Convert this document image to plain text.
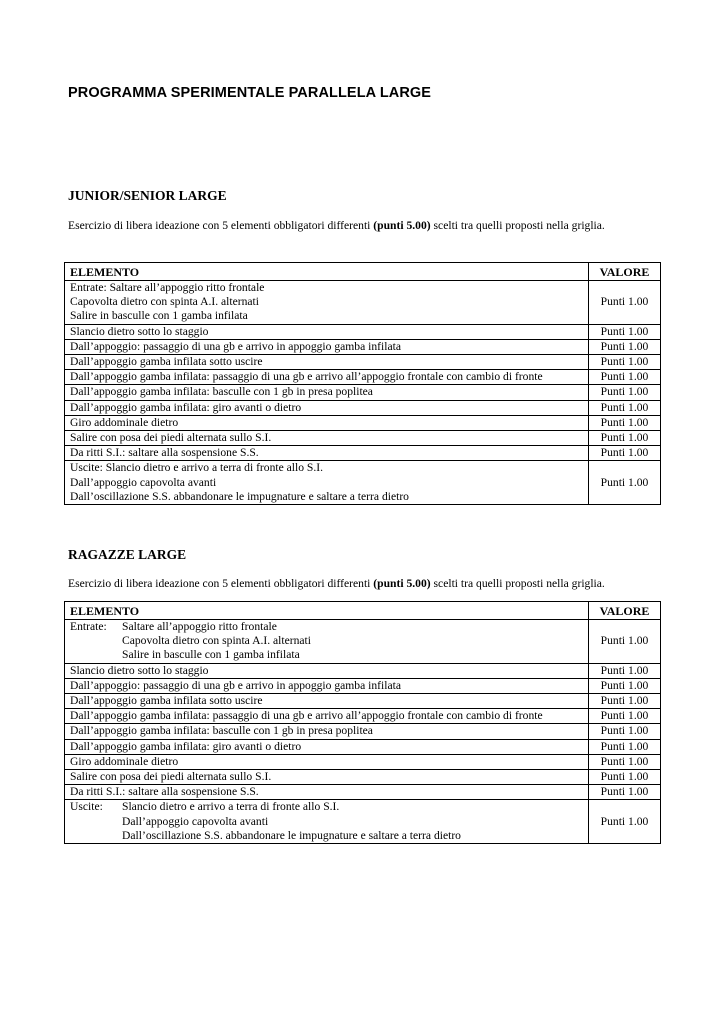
PROGRAMMA SPERIMENTALE PARALLELA LARGE
JUNIOR/SENIOR LARGE
Esercizio di libera ideazione con 5 elementi obbligatori differenti (punti 5.00) scelti tra quelli proposti nella griglia.
ELEMENTO	VALORE

Entrate: Saltare all’appoggio ritto frontale
Capovolta dietro con spinta A.I. alternati
Salire in basculle con 1 gamba infilata	Punti 1.00
Slancio dietro sotto lo staggio	Punti 1.00
Dall’appoggio: passaggio di una gb e arrivo in appoggio gamba infilata	Punti 1.00
Dall’appoggio gamba infilata sotto uscire	Punti 1.00
Dall’appoggio gamba infilata: passaggio di una gb e arrivo all’appoggio frontale con cambio di fronte	Punti 1.00
Dall’appoggio gamba infilata: basculle con 1 gb in presa poplitea	Punti 1.00
Dall’appoggio gamba infilata: giro avanti o dietro	Punti 1.00
Giro addominale dietro	Punti 1.00
Salire con posa dei piedi alternata sullo S.I.	Punti 1.00
Da ritti S.I.: saltare alla sospensione S.S.	Punti 1.00

Uscite: Slancio dietro e arrivo a terra di fronte allo S.I.
Dall’appoggio capovolta avanti
Dall’oscillazione S.S. abbandonare le impugnature e saltare a terra dietro	Punti 1.00
RAGAZZE LARGE
Esercizio di libera ideazione con 5 elementi obbligatori differenti (punti 5.00) scelti tra quelli proposti nella griglia.
ELEMENTO	VALORE

Entrate: Saltare all’appoggio ritto frontale
Capovolta dietro con spinta A.I. alternati
Salire in basculle con 1 gamba infilata	Punti 1.00
Slancio dietro sotto lo staggio	Punti 1.00
Dall’appoggio: passaggio di una gb e arrivo in appoggio gamba infilata	Punti 1.00
Dall’appoggio gamba infilata sotto uscire	Punti 1.00
Dall’appoggio gamba infilata: passaggio di una gb e arrivo all’appoggio frontale con cambio di fronte	Punti 1.00
Dall’appoggio gamba infilata: basculle con 1 gb in presa poplitea	Punti 1.00
Dall’appoggio gamba infilata: giro avanti o dietro	Punti 1.00
Giro addominale dietro	Punti 1.00
Salire con posa dei piedi alternata sullo S.I.	Punti 1.00
Da ritti S.I.: saltare alla sospensione S.S.	Punti 1.00

Uscite: Slancio dietro e arrivo a terra di fronte allo S.I.
Dall’appoggio capovolta avanti
Dall’oscillazione S.S. abbandonare le impugnature e saltare a terra dietro	Punti 1.00
